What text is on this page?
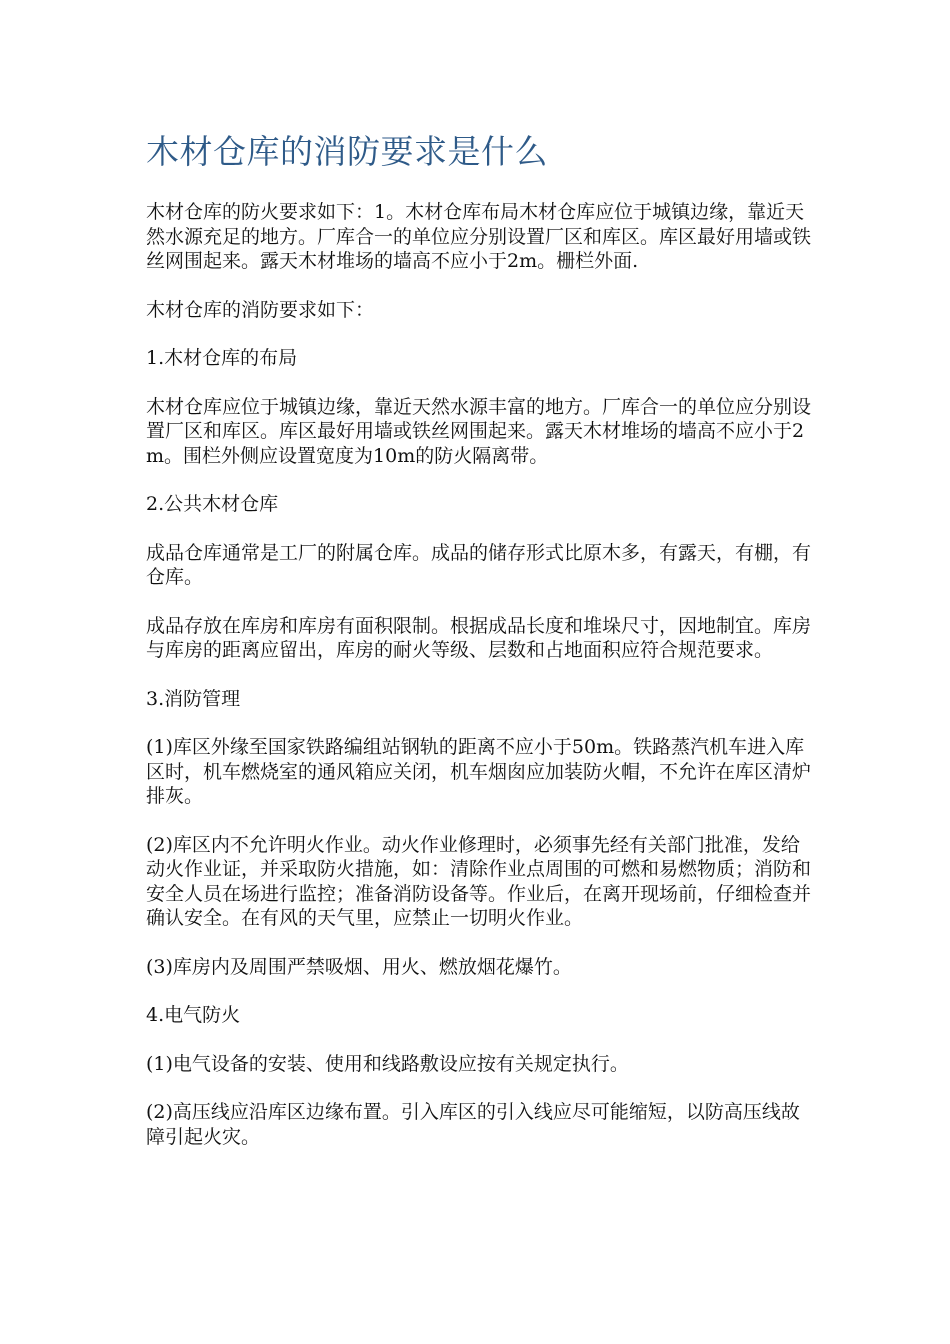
木材仓库的消防要求是什么

木材仓库的防火要求如下：1。木材仓库布局木材仓库应位于城镇边缘，靠近天然水源充足的地方。厂库合一的单位应分别设置厂区和库区。库区最好用墙或铁丝网围起来。露天木材堆场的墙高不应小于2m。栅栏外面.

木材仓库的消防要求如下：

1.木材仓库的布局

木材仓库应位于城镇边缘，靠近天然水源丰富的地方。厂库合一的单位应分别设置厂区和库区。库区最好用墙或铁丝网围起来。露天木材堆场的墙高不应小于2m。围栏外侧应设置宽度为10m的防火隔离带。

2.公共木材仓库

成品仓库通常是工厂的附属仓库。成品的储存形式比原木多，有露天，有棚，有仓库。

成品存放在库房和库房有面积限制。根据成品长度和堆垛尺寸，因地制宜。库房与库房的距离应留出，库房的耐火等级、层数和占地面积应符合规范要求。

3.消防管理

(1)库区外缘至国家铁路编组站钢轨的距离不应小于50m。铁路蒸汽机车进入库区时，机车燃烧室的通风箱应关闭，机车烟囱应加装防火帽，不允许在库区清炉排灰。

(2)库区内不允许明火作业。动火作业修理时，必须事先经有关部门批准，发给动火作业证，并采取防火措施，如：清除作业点周围的可燃和易燃物质；消防和安全人员在场进行监控；准备消防设备等。作业后，在离开现场前，仔细检查并确认安全。在有风的天气里，应禁止一切明火作业。

(3)库房内及周围严禁吸烟、用火、燃放烟花爆竹。

4.电气防火

(1)电气设备的安装、使用和线路敷设应按有关规定执行。

(2)高压线应沿库区边缘布置。引入库区的引入线应尽可能缩短，以防高压线故障引起火灾。
